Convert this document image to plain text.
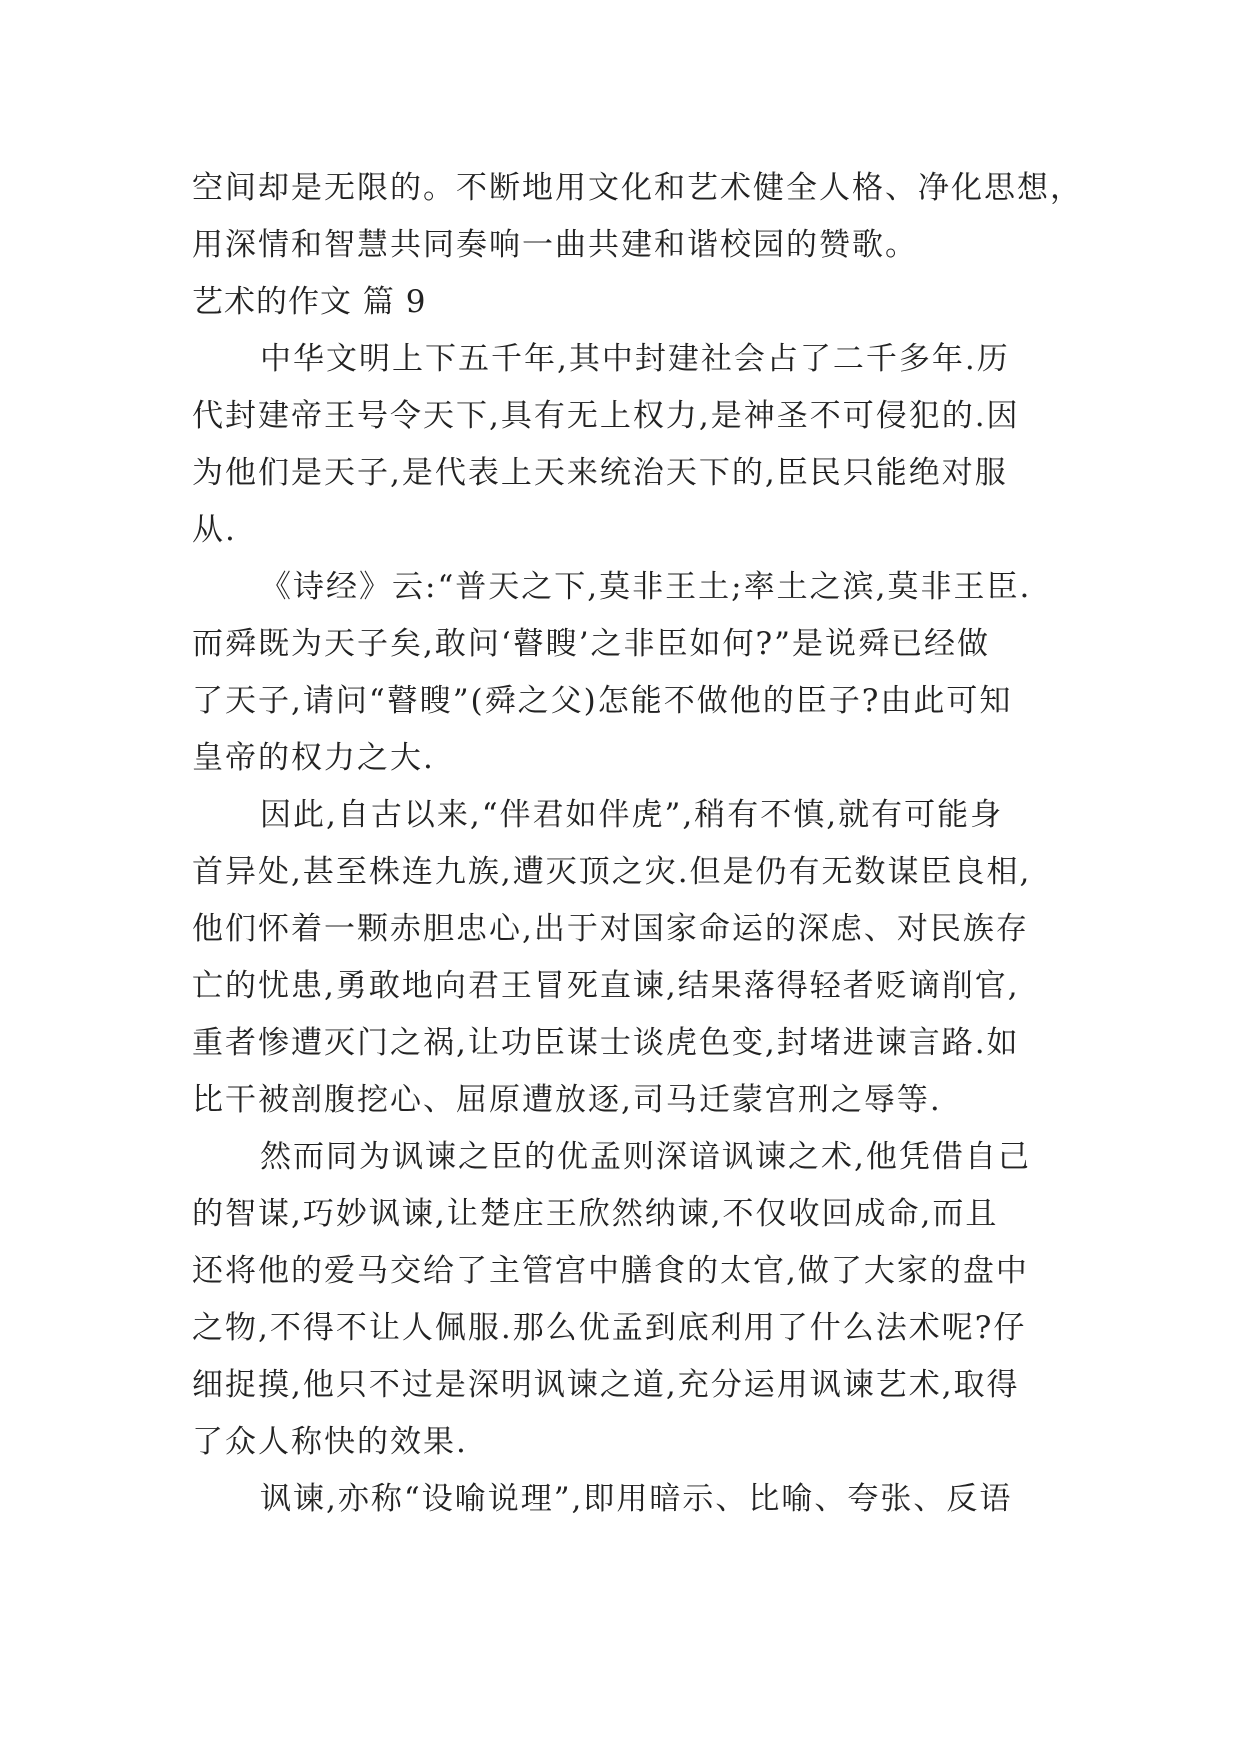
空间却是无限的。不断地用文化和艺术健全人格、净化思想，
用深情和智慧共同奏响一曲共建和谐校园的赞歌。
艺术的作文 篇 9
中华文明上下五千年,其中封建社会占了二千多年.历
代封建帝王号令天下,具有无上权力,是神圣不可侵犯的.因
为他们是天子,是代表上天来统治天下的,臣民只能绝对服
从.
《诗经》云:“普天之下,莫非王土;率土之滨,莫非王臣.
而舜既为天子矣,敢问‘瞽瞍’之非臣如何?”是说舜已经做
了天子,请问“瞽瞍”(舜之父)怎能不做他的臣子?由此可知
皇帝的权力之大.
因此,自古以来,“伴君如伴虎”,稍有不慎,就有可能身
首异处,甚至株连九族,遭灭顶之灾.但是仍有无数谋臣良相,
他们怀着一颗赤胆忠心,出于对国家命运的深虑、对民族存
亡的忧患,勇敢地向君王冒死直谏,结果落得轻者贬谪削官,
重者惨遭灭门之祸,让功臣谋士谈虎色变,封堵进谏言路.如
比干被剖腹挖心、屈原遭放逐,司马迁蒙宫刑之辱等.
然而同为讽谏之臣的优孟则深谙讽谏之术,他凭借自己
的智谋,巧妙讽谏,让楚庄王欣然纳谏,不仅收回成命,而且
还将他的爱马交给了主管宫中膳食的太官,做了大家的盘中
之物,不得不让人佩服.那么优孟到底利用了什么法术呢?仔
细捉摸,他只不过是深明讽谏之道,充分运用讽谏艺术,取得
了众人称快的效果.
讽谏,亦称“设喻说理”,即用暗示、比喻、夸张、反语
